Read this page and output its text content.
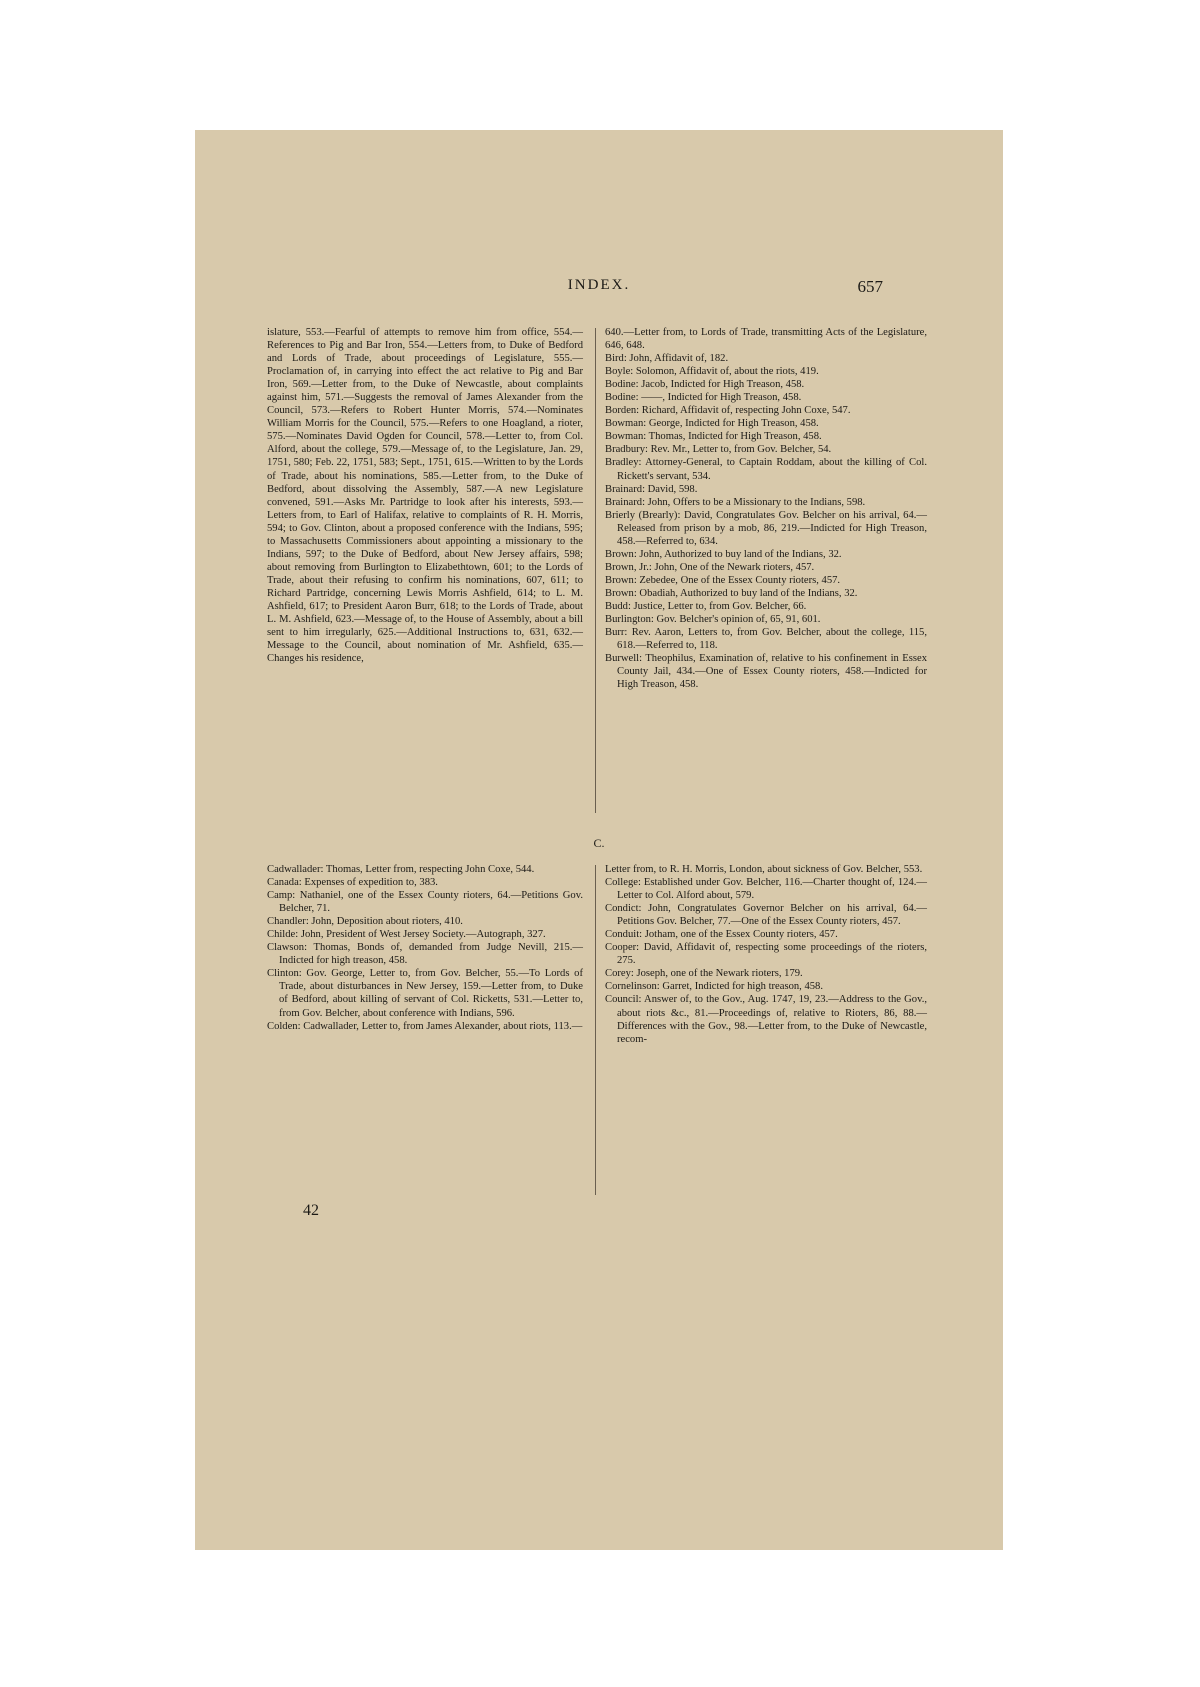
INDEX.	657

islature, 553.—Fearful of attempts to remove him from office, 554.—References to Pig and Bar Iron, 554.—Letters from, to Duke of Bedford and Lords of Trade, about proceedings of Legislature, 555.—Proclamation of, in carrying into effect the act relative to Pig and Bar Iron, 569.—Letter from, to the Duke of Newcastle, about complaints against him, 571.—Suggests the removal of James Alexander from the Council, 573.—Refers to Robert Hunter Morris, 574.—Nominates William Morris for the Council, 575.—Refers to one Hoagland, a rioter, 575.—Nominates David Ogden for Council, 578.—Letter to, from Col. Alford, about the college, 579.—Message of, to the Legislature, Jan. 29, 1751, 580; Feb. 22, 1751, 583; Sept., 1751, 615.—Written to by the Lords of Trade, about his nominations, 585.—Letter from, to the Duke of Bedford, about dissolving the Assembly, 587.—A new Legislature convened, 591.—Asks Mr. Partridge to look after his interests, 593.—Letters from, to Earl of Halifax, relative to complaints of R. H. Morris, 594; to Gov. Clinton, about a proposed conference with the Indians, 595; to Massachusetts Commissioners about appointing a missionary to the Indians, 597; to the Duke of Bedford, about New Jersey affairs, 598; about removing from Burlington to Elizabethtown, 601; to the Lords of Trade, about their refusing to confirm his nominations, 607, 611; to Richard Partridge, concerning Lewis Morris Ashfield, 614; to L. M. Ashfield, 617; to President Aaron Burr, 618; to the Lords of Trade, about L. M. Ashfield, 623.—Message of, to the House of Assembly, about a bill sent to him irregularly, 625.—Additional Instructions to, 631, 632.—Message to the Council, about nomination of Mr. Ashfield, 635.—Changes his residence,

640.—Letter from, to Lords of Trade, transmitting Acts of the Legislature, 646, 648.

Bird: John, Affidavit of, 182.

Boyle: Solomon, Affidavit of, about the riots, 419.

Bodine: Jacob, Indicted for High Treason, 458.

Bodine: ——, Indicted for High Treason, 458.

Borden: Richard, Affidavit of, respecting John Coxe, 547.

Bowman: George, Indicted for High Treason, 458.

Bowman: Thomas, Indicted for High Treason, 458.

Bradbury: Rev. Mr., Letter to, from Gov. Belcher, 54.

Bradley: Attorney-General, to Captain Roddam, about the killing of Col. Rickett's servant, 534.

Brainard: David, 598.

Brainard: John, Offers to be a Missionary to the Indians, 598.

Brierly (Brearly): David, Congratulates Gov. Belcher on his arrival, 64.—Released from prison by a mob, 86, 219.—Indicted for High Treason, 458.—Referred to, 634.

Brown: John, Authorized to buy land of the Indians, 32.

Brown, Jr.: John, One of the Newark rioters, 457.

Brown: Zebedee, One of the Essex County rioters, 457.

Brown: Obadiah, Authorized to buy land of the Indians, 32.

Budd: Justice, Letter to, from Gov. Belcher, 66.

Burlington: Gov. Belcher's opinion of, 65, 91, 601.

Burr: Rev. Aaron, Letters to, from Gov. Belcher, about the college, 115, 618.—Referred to, 118.

Burwell: Theophilus, Examination of, relative to his confinement in Essex County Jail, 434.—One of Essex County rioters, 458.—Indicted for High Treason, 458.

C.

Cadwallader: Thomas, Letter from, respecting John Coxe, 544.

Canada: Expenses of expedition to, 383.

Camp: Nathaniel, one of the Essex County rioters, 64.—Petitions Gov. Belcher, 71.

Chandler: John, Deposition about rioters, 410.

Childe: John, President of West Jersey Society.—Autograph, 327.

Clawson: Thomas, Bonds of, demanded from Judge Nevill, 215.—Indicted for high treason, 458.

Clinton: Gov. George, Letter to, from Gov. Belcher, 55.—To Lords of Trade, about disturbances in New Jersey, 159.—Letter from, to Duke of Bedford, about killing of servant of Col. Ricketts, 531.—Letter to, from Gov. Belcher, about conference with Indians, 596.

Colden: Cadwallader, Letter to, from James Alexander, about riots, 113.—

Letter from, to R. H. Morris, London, about sickness of Gov. Belcher, 553.

College: Established under Gov. Belcher, 116.—Charter thought of, 124.—Letter to Col. Alford about, 579.

Condict: John, Congratulates Governor Belcher on his arrival, 64.—Petitions Gov. Belcher, 77.—One of the Essex County rioters, 457.

Conduit: Jotham, one of the Essex County rioters, 457.

Cooper: David, Affidavit of, respecting some proceedings of the rioters, 275.

Corey: Joseph, one of the Newark rioters, 179.

Cornelinson: Garret, Indicted for high treason, 458.

Council: Answer of, to the Gov., Aug. 1747, 19, 23.—Address to the Gov., about riots &c., 81.—Proceedings of, relative to Rioters, 86, 88.—Differences with the Gov., 98.—Letter from, to the Duke of Newcastle, recom-

42
